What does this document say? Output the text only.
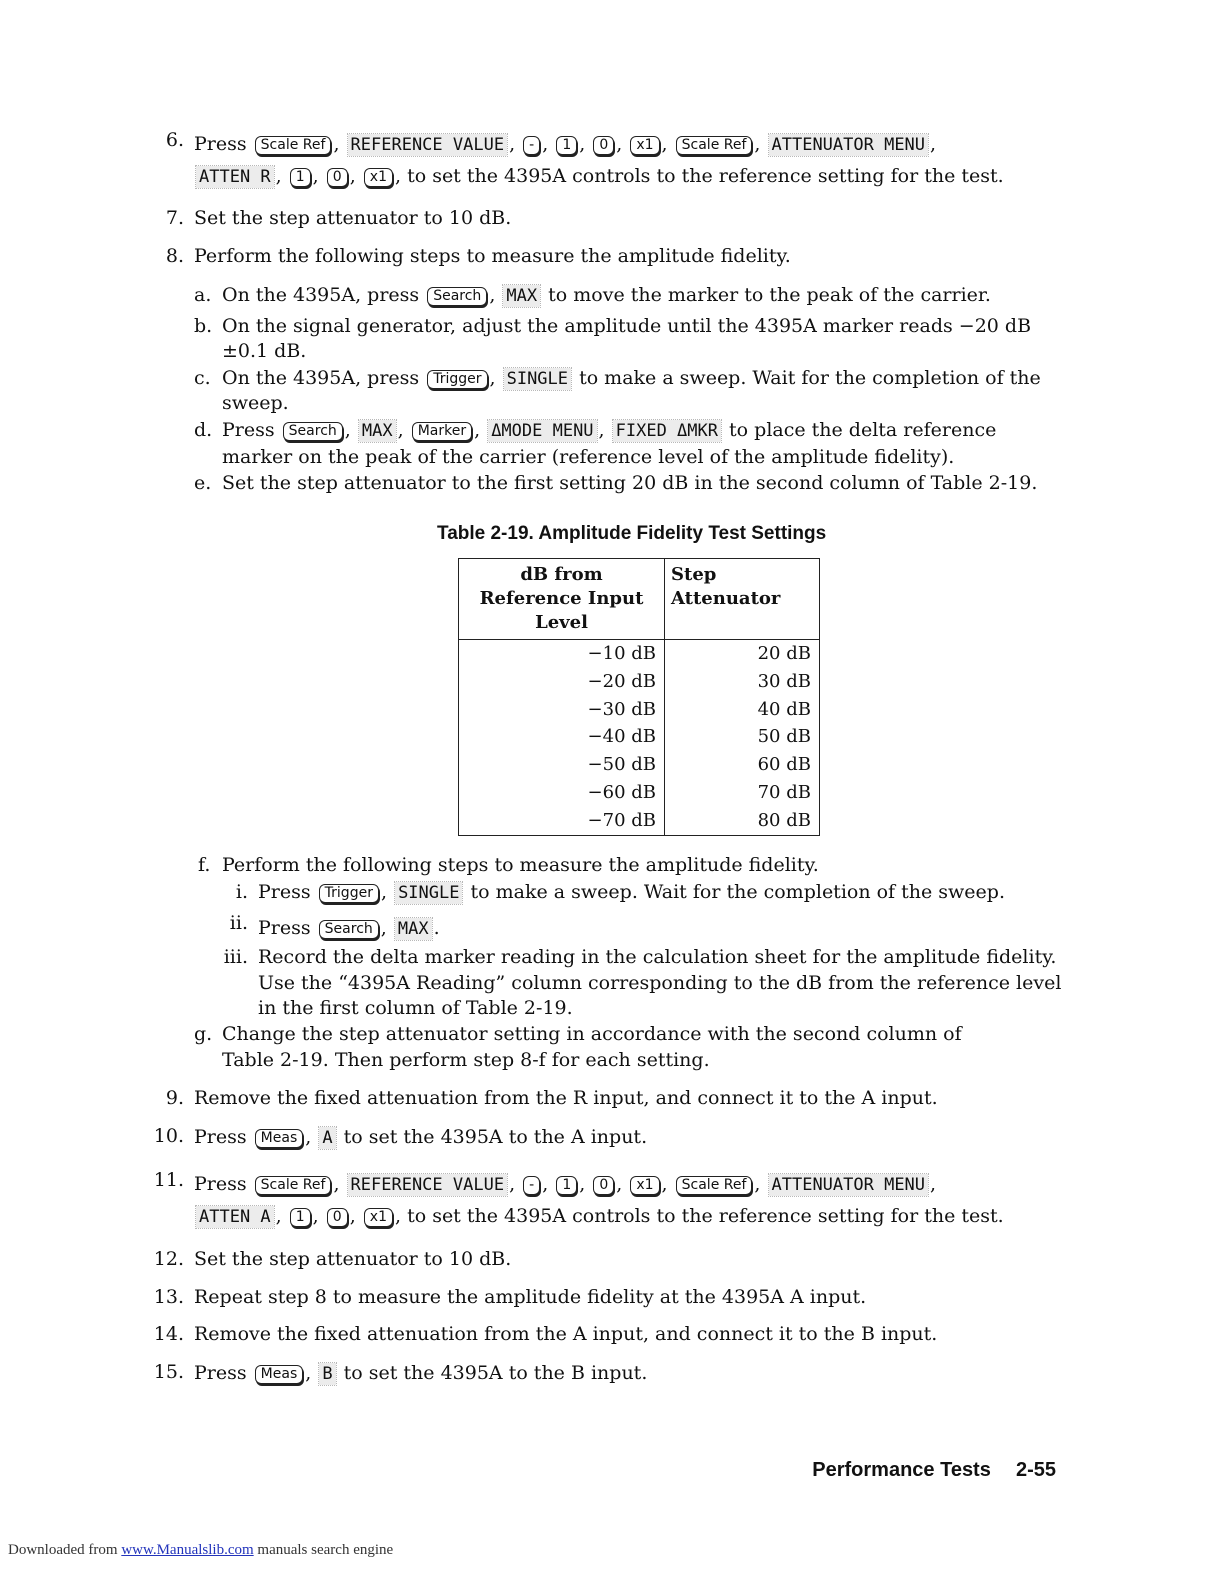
6. Press Scale Ref , REFERENCE VALUE , - , 1 , 0 , x1 , Scale Ref , ATTENUATOR MENU ,
ATTEN R , 1 , 0 , x1 , to set the 4395A controls to the reference setting for the test.
7. Set the step attenuator to 10 dB.
8. Perform the following steps to measure the amplitude fidelity.
a. On the 4395A, press Search , MAX to move the marker to the peak of the carrier.
b. On the signal generator, adjust the amplitude until the 4395A marker reads −20 dB
±0.1 dB.
c. On the 4395A, press Trigger , SINGLE to make a sweep. Wait for the completion of the
sweep.
d. Press Search , MAX , Marker , ΔMODE MENU , FIXED ΔMKR to place the delta reference
marker on the peak of the carrier (reference level of the amplitude fidelity).
e. Set the step attenuator to the first setting 20 dB in the second column of Table 2-19.
Table 2-19. Amplitude Fidelity Test Settings
dB from
Reference Input Level	Step Attenuator
−10 dB	20 dB
−20 dB	30 dB
−30 dB	40 dB
−40 dB	50 dB
−50 dB	60 dB
−60 dB	70 dB
−70 dB	80 dB
f. Perform the following steps to measure the amplitude fidelity.
i. Press Trigger , SINGLE to make a sweep. Wait for the completion of the sweep.
ii. Press Search , MAX .
iii. Record the delta marker reading in the calculation sheet for the amplitude fidelity.
Use the “4395A Reading” column corresponding to the dB from the reference level
in the first column of Table 2-19.
g. Change the step attenuator setting in accordance with the second column of
Table 2-19. Then perform step 8-f for each setting.
9. Remove the fixed attenuation from the R input, and connect it to the A input.
10. Press Meas , A to set the 4395A to the A input.
11. Press Scale Ref , REFERENCE VALUE , - , 1 , 0 , x1 , Scale Ref , ATTENUATOR MENU ,
ATTEN A , 1 , 0 , x1 , to set the 4395A controls to the reference setting for the test.
12. Set the step attenuator to 10 dB.
13. Repeat step 8 to measure the amplitude fidelity at the 4395A A input.
14. Remove the fixed attenuation from the A input, and connect it to the B input.
15. Press Meas , B to set the 4395A to the B input.
Performance Tests 2-55
Downloaded from www.Manualslib.com manuals search engine
